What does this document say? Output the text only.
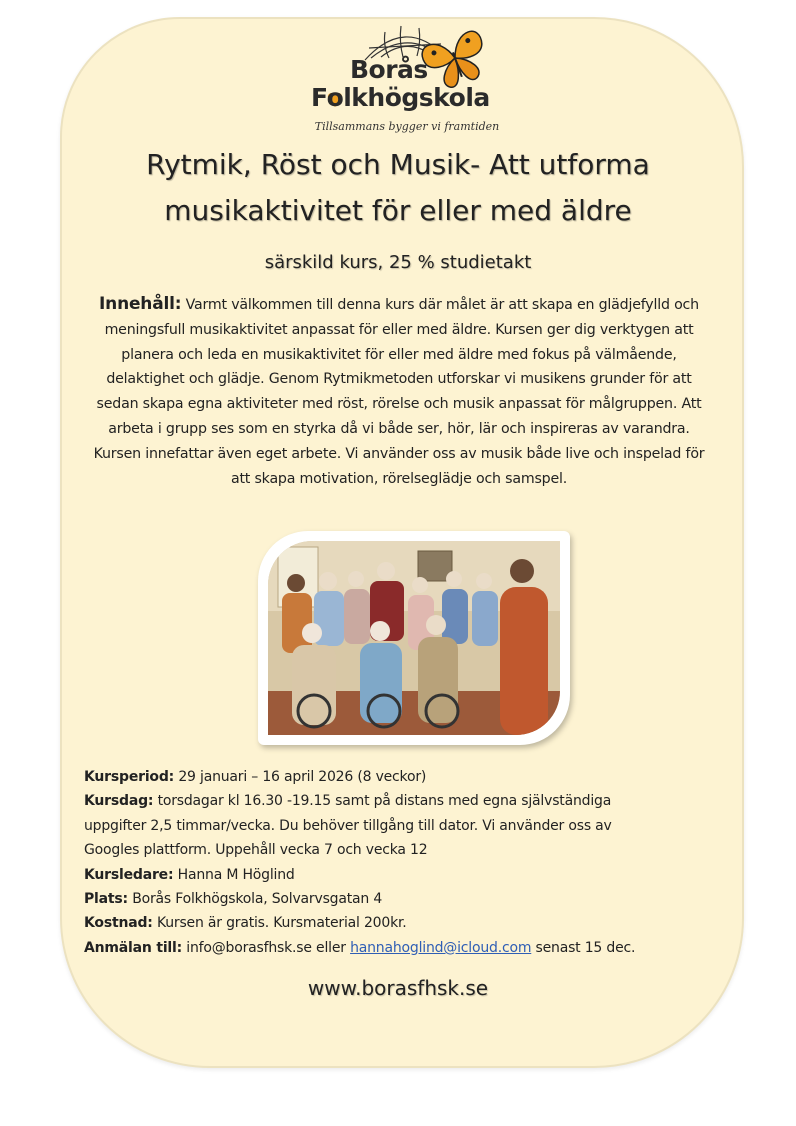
Borås
Folkhögskola
Tillsammans bygger vi framtiden
Rytmik, Röst och Musik- Att utforma musikaktivitet för eller med äldre
särskild kurs, 25 % studietakt
Innehåll: Varmt välkommen till denna kurs där målet är att skapa en glädjefylld och meningsfull musikaktivitet anpassat för eller med äldre. Kursen ger dig verktygen att planera och leda en musikaktivitet för eller med äldre med fokus på välmående, delaktighet och glädje. Genom Rytmikmetoden utforskar vi musikens grunder för att sedan skapa egna aktiviteter med röst, rörelse och musik anpassat för målgruppen. Att arbeta i grupp ses som en styrka då vi både ser, hör, lär och inspireras av varandra. Kursen innefattar även eget arbete. Vi använder oss av musik både live och inspelad för att skapa motivation, rörelseglädje och samspel.
Kursperiod: 29 januari – 16 april 2026 (8 veckor)
Kursdag: torsdagar kl 16.30 -19.15 samt på distans med egna självständiga
uppgifter 2,5 timmar/vecka. Du behöver tillgång till dator. Vi använder oss av
Googles plattform. Uppehåll vecka 7 och vecka 12
Kursledare: Hanna M Höglind
Plats: Borås Folkhögskola, Solvarvsgatan 4
Kostnad: Kursen är gratis. Kursmaterial 200kr.
Anmälan till: info@borasfhsk.se eller hannahoglind@icloud.com senast 15 dec.
www.borasfhsk.se
